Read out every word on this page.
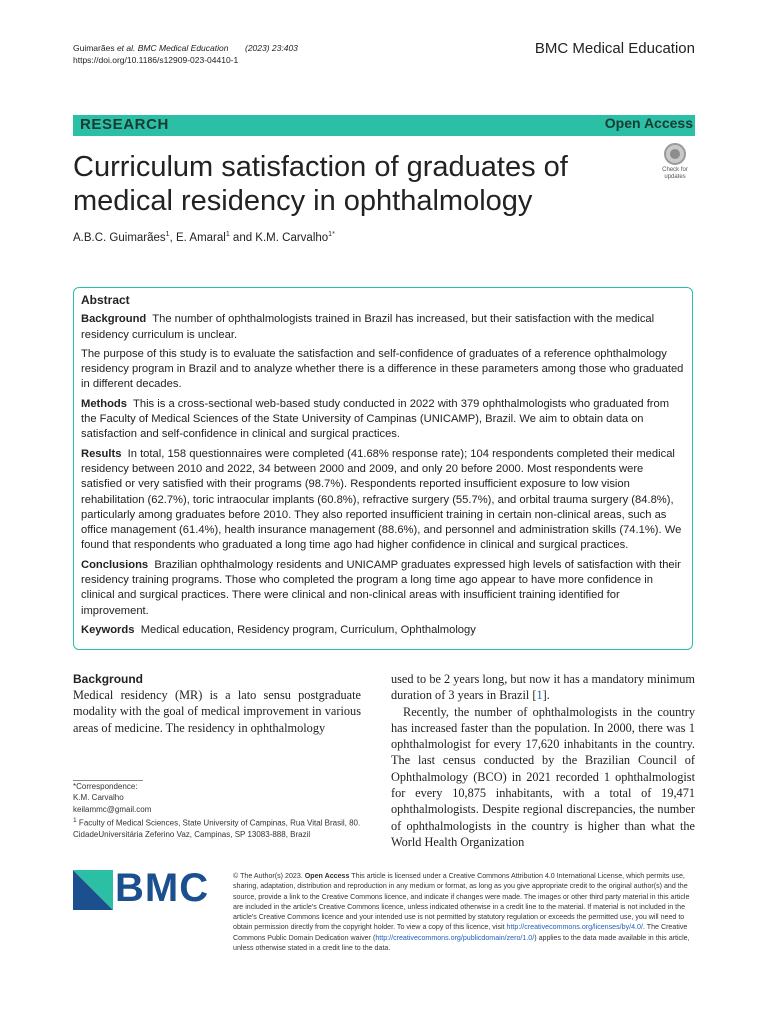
Guimarães et al. BMC Medical Education (2023) 23:403
https://doi.org/10.1186/s12909-023-04410-1
BMC Medical Education
RESEARCH	Open Access
Curriculum satisfaction of graduates of medical residency in ophthalmology
Check for
updates
A.B.C. Guimarães$^1$, E. Amaral$^1$ and K.M. Carvalho$^{1*}$

Abstract

Background The number of ophthalmologists trained in Brazil has increased, but their satisfaction with the medical residency curriculum is unclear.

The purpose of this study is to evaluate the satisfaction and self-confidence of graduates of a reference ophthalmology residency program in Brazil and to analyze whether there is a difference in these parameters among those who graduated in different decades.

Methods This is a cross-sectional web-based study conducted in 2022 with 379 ophthalmologists who graduated from the Faculty of Medical Sciences of the State University of Campinas (UNICAMP), Brazil. We aim to obtain data on satisfaction and self-confidence in clinical and surgical practices.

Results In total, 158 questionnaires were completed (41.68% response rate); 104 respondents completed their medical residency between 2010 and 2022, 34 between 2000 and 2009, and only 20 before 2000. Most respondents were satisfied or very satisfied with their programs (98.7%). Respondents reported insufficient exposure to low vision rehabilitation (62.7%), toric intraocular implants (60.8%), refractive surgery (55.7%), and orbital trauma surgery (84.8%), particularly among graduates before 2010. They also reported insufficient training in certain non-clinical areas, such as office management (61.4%), health insurance management (88.6%), and personnel and administration skills (74.1%). We found that respondents who graduated a long time ago had higher confidence in clinical and surgical practices.

Conclusions Brazilian ophthalmology residents and UNICAMP graduates expressed high levels of satisfaction with their residency training programs. Those who completed the program a long time ago appear to have more confidence in clinical and surgical practices. There were clinical and non-clinical areas with insufficient training identified for improvement.

Keywords Medical education, Residency program, Curriculum, Ophthalmology

Background

Medical residency (MR) is a lato sensu postgraduate modality with the goal of medical improvement in various areas of medicine. The residency in ophthalmology

used to be 2 years long, but now it has a mandatory minimum duration of 3 years in Brazil [1].

Recently, the number of ophthalmologists in the country has increased faster than the population. In 2000, there was 1 ophthalmologist for every 17,620 inhabitants in the country. The last census conducted by the Brazilian Council of Ophthalmology (BCO) in 2021 recorded 1 ophthalmologist for every 10,875 inhabitants, with a total of 19,471 ophthalmologists. Despite regional discrepancies, the number of ophthalmologists in the country is higher than what the World Health Organization

*Correspondence:

K.M. Carvalho

keilammc@gmail.com

$^1$ Faculty of Medical Sciences, State University of Campinas, Rua Vital Brasil, 80. CidadeUniversitária Zeferino Vaz, Campinas, SP 13083-888, Brazil

BMC	© The Author(s) 2023. Open Access This article is licensed under a Creative Commons Attribution 4.0 International License, which permits use, sharing, adaptation, distribution and reproduction in any medium or format, as long as you give appropriate credit to the original author(s) and the source, provide a link to the Creative Commons licence, and indicate if changes were made. The images or other third party material in this article are included in the article's Creative Commons licence, unless indicated otherwise in a credit line to the material. If material is not included in the article's Creative Commons licence and your intended use is not permitted by statutory regulation or exceeds the permitted use, you will need to obtain permission directly from the copyright holder. To view a copy of this licence, visit http://creativecommons.org/licenses/by/4.0/. The Creative Commons Public Domain Dedication waiver (http://creativecommons.org/publicdomain/zero/1.0/) applies to the data made available in this article, unless otherwise stated in a credit line to the data.
